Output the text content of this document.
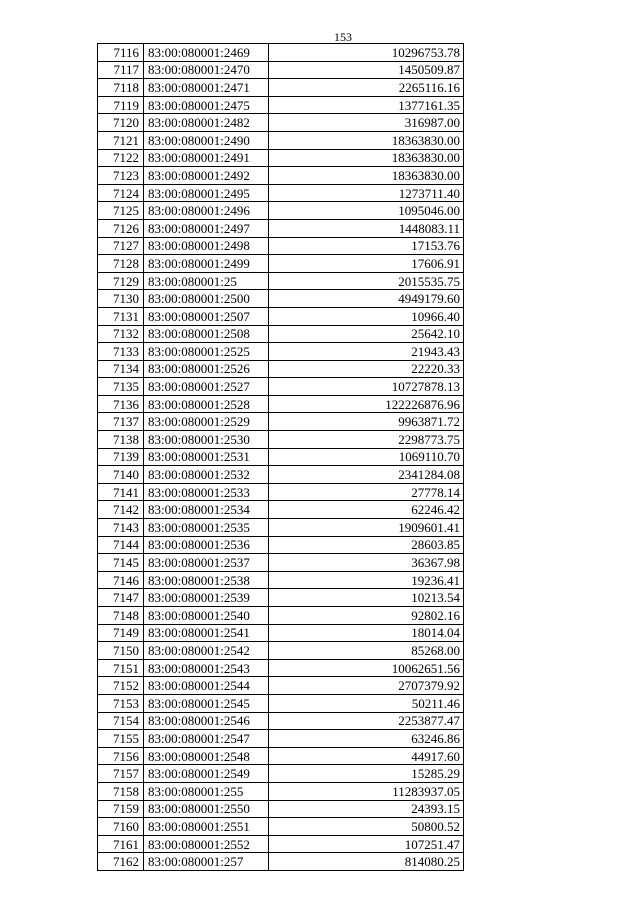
153
7116	83:00:080001:2469	10296753.78
7117	83:00:080001:2470	1450509.87
7118	83:00:080001:2471	2265116.16
7119	83:00:080001:2475	1377161.35
7120	83:00:080001:2482	316987.00
7121	83:00:080001:2490	18363830.00
7122	83:00:080001:2491	18363830.00
7123	83:00:080001:2492	18363830.00
7124	83:00:080001:2495	1273711.40
7125	83:00:080001:2496	1095046.00
7126	83:00:080001:2497	1448083.11
7127	83:00:080001:2498	17153.76
7128	83:00:080001:2499	17606.91
7129	83:00:080001:25	2015535.75
7130	83:00:080001:2500	4949179.60
7131	83:00:080001:2507	10966.40
7132	83:00:080001:2508	25642.10
7133	83:00:080001:2525	21943.43
7134	83:00:080001:2526	22220.33
7135	83:00:080001:2527	10727878.13
7136	83:00:080001:2528	122226876.96
7137	83:00:080001:2529	9963871.72
7138	83:00:080001:2530	2298773.75
7139	83:00:080001:2531	1069110.70
7140	83:00:080001:2532	2341284.08
7141	83:00:080001:2533	27778.14
7142	83:00:080001:2534	62246.42
7143	83:00:080001:2535	1909601.41
7144	83:00:080001:2536	28603.85
7145	83:00:080001:2537	36367.98
7146	83:00:080001:2538	19236.41
7147	83:00:080001:2539	10213.54
7148	83:00:080001:2540	92802.16
7149	83:00:080001:2541	18014.04
7150	83:00:080001:2542	85268.00
7151	83:00:080001:2543	10062651.56
7152	83:00:080001:2544	2707379.92
7153	83:00:080001:2545	50211.46
7154	83:00:080001:2546	2253877.47
7155	83:00:080001:2547	63246.86
7156	83:00:080001:2548	44917.60
7157	83:00:080001:2549	15285.29
7158	83:00:080001:255	11283937.05
7159	83:00:080001:2550	24393.15
7160	83:00:080001:2551	50800.52
7161	83:00:080001:2552	107251.47
7162	83:00:080001:257	814080.25
